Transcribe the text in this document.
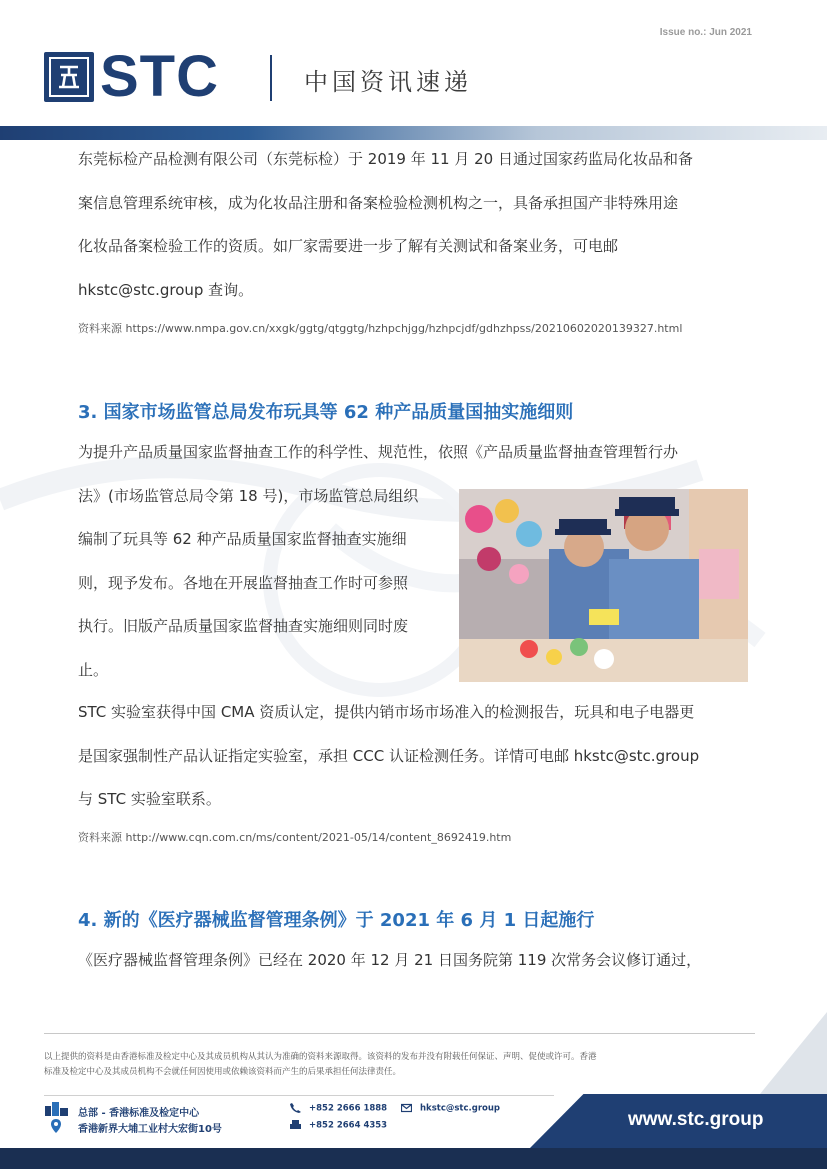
Issue no.: Jun 2021
STC	中国资讯速递
东莞标检产品检测有限公司（东莞标检）于 2019 年 11 月 20 日通过国家药监局化妆品和备
案信息管理系统审核，成为化妆品注册和备案检验检测机构之一，具备承担国产非特殊用途
化妆品备案检验工作的资质。如厂家需要进一步了解有关测试和备案业务，可电邮
hkstc@stc.group 查询。
资料来源 https://www.nmpa.gov.cn/xxgk/ggtg/qtggtg/hzhpchjgg/hzhpcjdf/gdhzhpss/20210602020139327.html
3. 国家市场监管总局发布玩具等 62 种产品质量国抽实施细则
为提升产品质量国家监督抽查工作的科学性、规范性，依照《产品质量监督抽查管理暂行办
法》(市场监管总局令第 18 号)，市场监管总局组织
编制了玩具等 62 种产品质量国家监督抽查实施细
则，现予发布。各地在开展监督抽查工作时可参照
执行。旧版产品质量国家监督抽查实施细则同时废
止。
STC 实验室获得中国 CMA 资质认定，提供内销市场市场准入的检测报告，玩具和电子电器更
是国家强制性产品认证指定实验室，承担 CCC 认证检测任务。详情可电邮 hkstc@stc.group
与 STC 实验室联系。
资料来源 http://www.cqn.com.cn/ms/content/2021-05/14/content_8692419.htm
4. 新的《医疗器械监督管理条例》于 2021 年 6 月 1 日起施行
《医疗器械监督管理条例》已经在 2020 年 12 月 21 日国务院第 119 次常务会议修订通过，
以上提供的资料是由香港标准及检定中心及其成员机构从其认为准确的资料来源取得。该资料的发布并没有附载任何保证、声明、促使或许可。香港
标准及检定中心及其成员机构不会就任何因使用或依赖该资料而产生的后果承担任何法律责任。
总部 - 香港标准及检定中心
香港新界大埔工业村大宏街10号
+852 2666 1888
+852 2664 4353
hkstc@stc.group
www.stc.group
